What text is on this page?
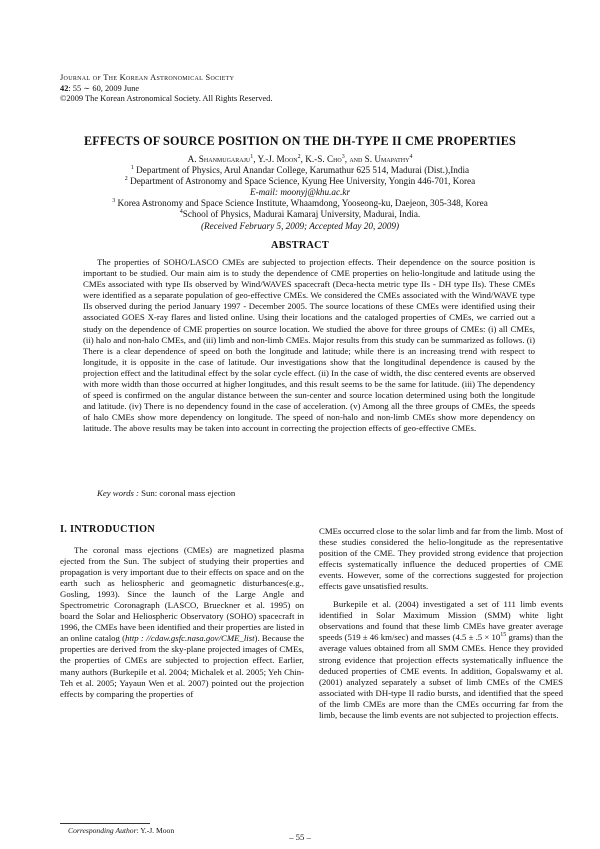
Journal of The Korean Astronomical Society
42: 55 ∼ 60, 2009 June
©2009 The Korean Astronomical Society. All Rights Reserved.
EFFECTS OF SOURCE POSITION ON THE DH-TYPE II CME PROPERTIES
A. Shanmugaraju$^1$, Y.-J. Moon$^2$, K.-S. Cho$^3$, and S. Umapathy$^4$
$^1$ Department of Physics, Arul Anandar College, Karumathur 625 514, Madurai (Dist.),India
$^2$ Department of Astronomy and Space Science, Kyung Hee University, Yongin 446-701, Korea
E-mail: moonyj@khu.ac.kr
$^3$ Korea Astronomy and Space Science Institute, Whaamdong, Yooseong-ku, Daejeon, 305-348, Korea
$^4$School of Physics, Madurai Kamaraj University, Madurai, India.
(Received February 5, 2009; Accepted May 20, 2009)
ABSTRACT

The properties of SOHO/LASCO CMEs are subjected to projection effects. Their dependence on the source position is important to be studied. Our main aim is to study the dependence of CME properties on helio-longitude and latitude using the CMEs associated with type IIs observed by Wind/WAVES spacecraft (Deca-hecta metric type IIs - DH type IIs). These CMEs were identified as a separate population of geo-effective CMEs. We considered the CMEs associated with the Wind/WAVE type IIs observed during the period January 1997 - December 2005. The source locations of these CMEs were identified using their associated GOES X-ray flares and listed online. Using their locations and the cataloged properties of CMEs, we carried out a study on the dependence of CME properties on source location. We studied the above for three groups of CMEs: (i) all CMEs, (ii) halo and non-halo CMEs, and (iii) limb and non-limb CMEs. Major results from this study can be summarized as follows. (i) There is a clear dependence of speed on both the longitude and latitude; while there is an increasing trend with respect to longitude, it is opposite in the case of latitude. Our investigations show that the longitudinal dependence is caused by the projection effect and the latitudinal effect by the solar cycle effect. (ii) In the case of width, the disc centered events are observed with more width than those occurred at higher longitudes, and this result seems to be the same for latitude. (iii) The dependency of speed is confirmed on the angular distance between the sun-center and source location determined using both the longitude and latitude. (iv) There is no dependency found in the case of acceleration. (v) Among all the three groups of CMEs, the speeds of halo CMEs show more dependency on longitude. The speed of non-halo and non-limb CMEs show more dependency on latitude. The above results may be taken into account in correcting the projection effects of geo-effective CMEs.

Key words : Sun: coronal mass ejection
I. INTRODUCTION

The coronal mass ejections (CMEs) are magnetized plasma ejected from the Sun. The subject of studying their properties and propagation is very important due to their effects on space and on the earth such as heliospheric and geomagnetic disturbances(e.g., Gosling, 1993). Since the launch of the Large Angle and Spectrometric Coronagraph (LASCO, Brueckner et al. 1995) on board the Solar and Heliospheric Observatory (SOHO) spacecraft in 1996, the CMEs have been identified and their properties are listed in an online catalog (http : //cdaw.gsfc.nasa.gov/CME_list). Because the properties are derived from the sky-plane projected images of CMEs, the properties of CMEs are subjected to projection effect. Earlier, many authors (Burkepile et al. 2004; Michalek et al. 2005; Yeh Chin-Teh et al. 2005; Yayaun Wen et al. 2007) pointed out the projection effects by comparing the properties of

CMEs occurred close to the solar limb and far from the limb. Most of these studies considered the helio-longitude as the representative position of the CME. They provided strong evidence that projection effects systematically influence the deduced properties of CME events. However, some of the corrections suggested for projection effects gave unsatisfied results.

Burkepile et al. (2004) investigated a set of 111 limb events identified in Solar Maximum Mission (SMM) white light observations and found that these limb CMEs have greater average speeds (519 ± 46 km/sec) and masses ($4.5 \pm .5 \times 10^{15}$ grams) than the average values obtained from all SMM CMEs. Hence they provided strong evidence that projection effects systematically influence the deduced properties of CME events. In addition, Gopalswamy et al. (2001) analyzed separately a subset of limb CMEs of the CMES associated with DH-type II radio bursts, and identified that the speed of the limb CMEs are more than the CMEs occurring far from the limb, because the limb events are not subjected to projection effects.

Corresponding Author: Y.-J. Moon
– 55 –
